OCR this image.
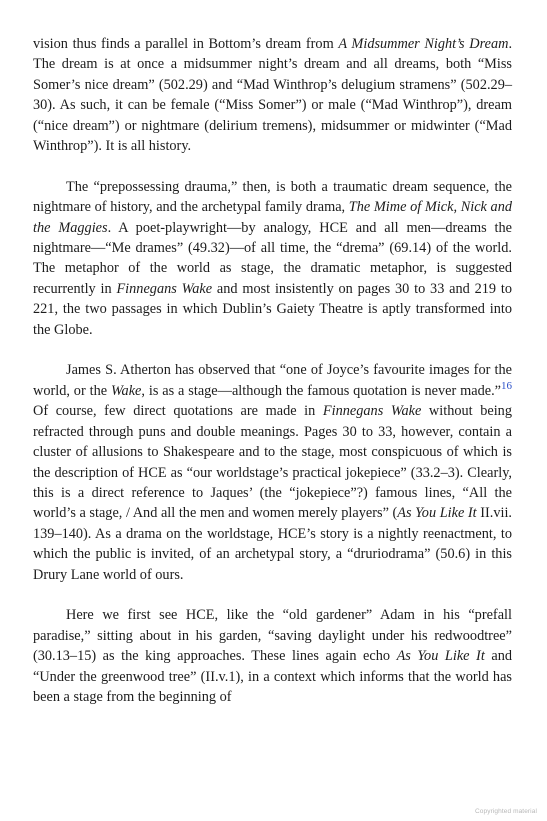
vision thus finds a parallel in Bottom’s dream from A Midsummer Night’s Dream. The dream is at once a midsummer night’s dream and all dreams, both “Miss Somer’s nice dream” (502.29) and “Mad Winthrop’s delugium stramens” (502.29–30). As such, it can be female (“Miss Somer”) or male (“Mad Winthrop”), dream (“nice dream”) or nightmare (delirium tremens), midsummer or midwinter (“Mad Winthrop”). It is all history.

The “prepossessing drauma,” then, is both a traumatic dream sequence, the nightmare of history, and the archetypal family drama, The Mime of Mick, Nick and the Maggies. A poet-playwright—by analogy, HCE and all men—dreams the nightmare—“Me drames” (49.32)—of all time, the “drema” (69.14) of the world. The metaphor of the world as stage, the dramatic metaphor, is suggested recurrently in Finnegans Wake and most insistently on pages 30 to 33 and 219 to 221, the two passages in which Dublin’s Gaiety Theatre is aptly transformed into the Globe.

James S. Atherton has observed that “one of Joyce’s favourite images for the world, or the Wake, is as a stage—although the famous quotation is never made.”$^{16}$ Of course, few direct quotations are made in Finnegans Wake without being refracted through puns and double meanings. Pages 30 to 33, however, contain a cluster of allusions to Shakespeare and to the stage, most conspicuous of which is the description of HCE as “our worldstage’s practical jokepiece” (33.2–3). Clearly, this is a direct reference to Jaques’ (the “jokepiece”?) famous lines, “All the world’s a stage, / And all the men and women merely players” (As You Like It II.vii. 139–140). As a drama on the worldstage, HCE’s story is a nightly reenactment, to which the public is invited, of an archetypal story, a “druriodrama” (50.6) in this Drury Lane world of ours.

Here we first see HCE, like the “old gardener” Adam in his “prefall paradise,” sitting about in his garden, “saving daylight under his redwoodtree” (30.13–15) as the king approaches. These lines again echo As You Like It and “Under the greenwood tree” (II.v.1), in a context which informs that the world has been a stage from the beginning of

Copyrighted material
